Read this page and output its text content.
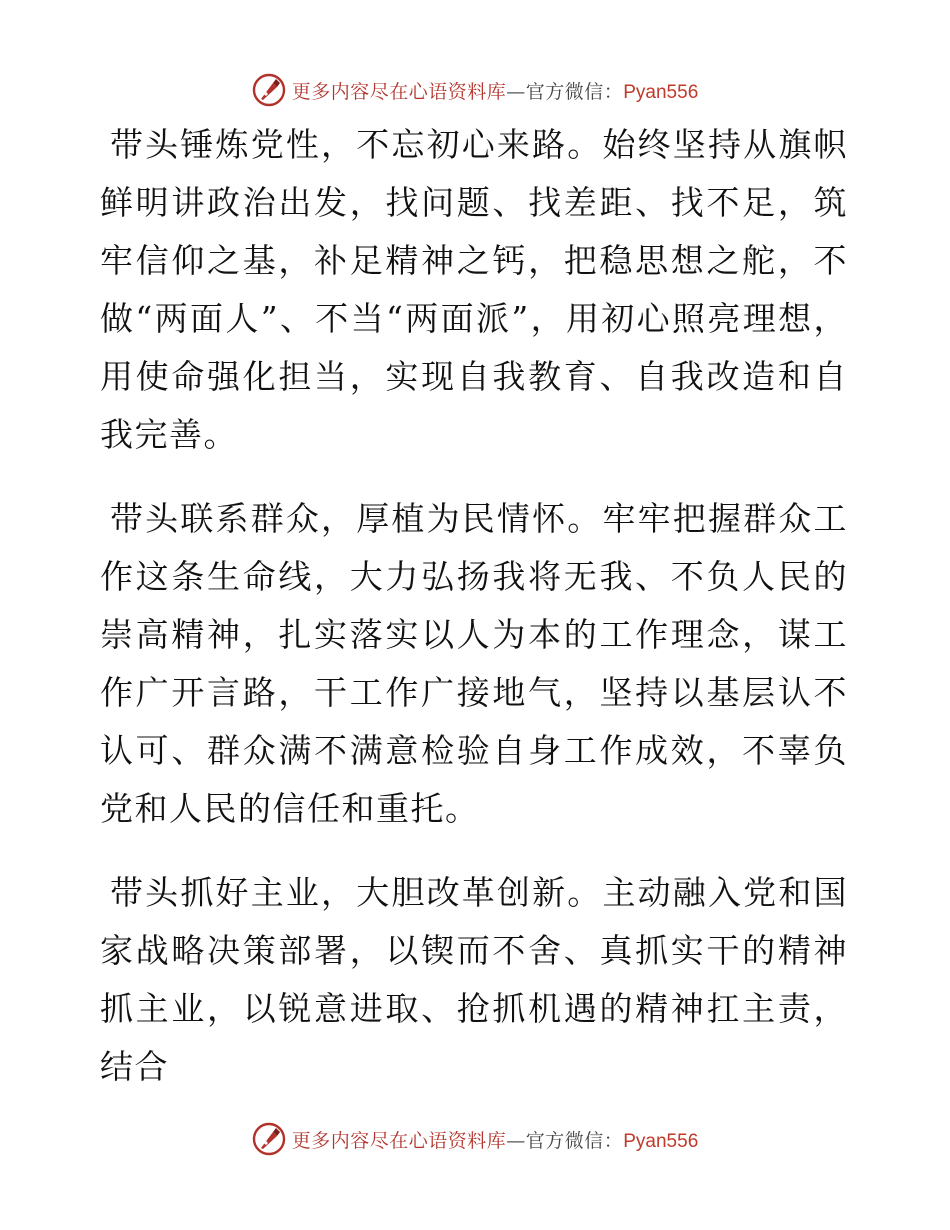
更多内容尽在心语资料库—官方微信：Pyan556

带头锤炼党性，不忘初心来路。始终坚持从旗帜鲜明讲政治出发，找问题、找差距、找不足，筑牢信仰之基，补足精神之钙，把稳思想之舵，不做“两面人”、不当“两面派”，用初心照亮理想，用使命强化担当，实现自我教育、自我改造和自我完善。

带头联系群众，厚植为民情怀。牢牢把握群众工作这条生命线，大力弘扬我将无我、不负人民的崇高精神，扎实落实以人为本的工作理念，谋工作广开言路，干工作广接地气，坚持以基层认不认可、群众满不满意检验自身工作成效，不辜负党和人民的信任和重托。

带头抓好主业，大胆改革创新。主动融入党和国家战略决策部署，以锲而不舍、真抓实干的精神抓主业，以锐意进取、抢抓机遇的精神扛主责，结合

更多内容尽在心语资料库—官方微信：Pyan556
